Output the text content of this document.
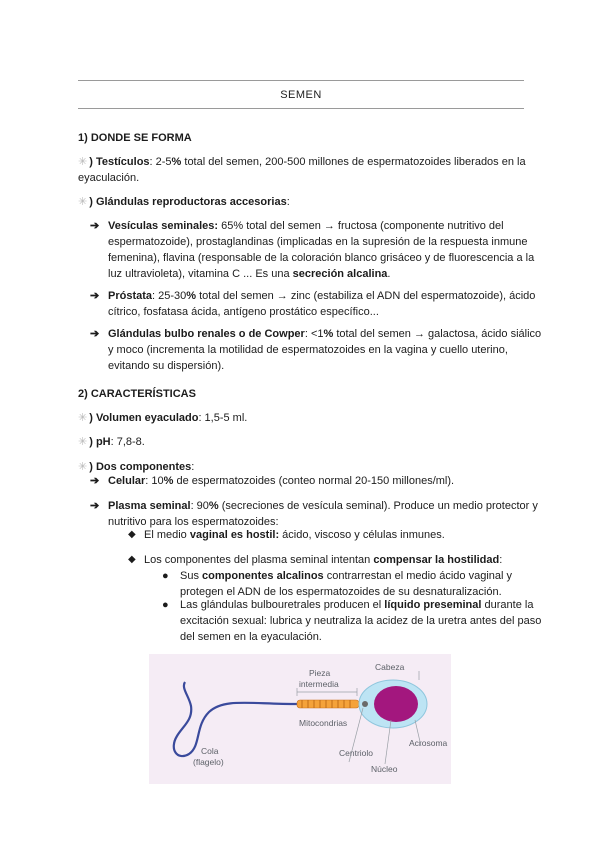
SEMEN
1) DONDE SE FORMA
✳ ) Testículos: 2-5% total del semen, 200-500 millones de espermatozoides liberados en la eyaculación.
✳ ) Glándulas reproductoras accesorias:
➔ Vesículas seminales: 65% total del semen → fructosa (componente nutritivo del espermatozoide), prostaglandinas (implicadas en la supresión de la respuesta inmune femenina), flavina (responsable de la coloración blanco grisáceo y de fluorescencia a la luz ultravioleta), vitamina C ... Es una secreción alcalina.
➔ Próstata: 25-30% total del semen → zinc (estabiliza el ADN del espermatozoide), ácido cítrico, fosfatasa ácida, antígeno prostático específico...
➔ Glándulas bulbo renales o de Cowper: <1% total del semen → galactosa, ácido siálico y moco (incrementa la motilidad de espermatozoides en la vagina y cuello uterino, evitando su dispersión).
2) CARACTERÍSTICAS
✳ ) Volumen eyaculado: 1,5-5 ml.
✳ ) pH: 7,8-8.
✳ ) Dos componentes:
➔ Celular: 10% de espermatozoides (conteo normal 20-150 millones/ml).
➔ Plasma seminal: 90% (secreciones de vesícula seminal). Produce un medio protector y nutritivo para los espermatozoides:
◆ El medio vaginal es hostil: ácido, viscoso y células inmunes.
◆ Los componentes del plasma seminal intentan compensar la hostilidad:
● Sus componentes alcalinos contrarrestan el medio ácido vaginal y protegen el ADN de los espermatozoides de su desnaturalización.
● Las glándulas bulbouretrales producen el líquido preseminal durante la excitación sexual: lubrica y neutraliza la acidez de la uretra antes del paso del semen en la eyaculación.
Pieza
intermedia
Cabeza
Mitocondrias
Cola
(flagelo)
Centriolo
Núcleo
Acrosoma
